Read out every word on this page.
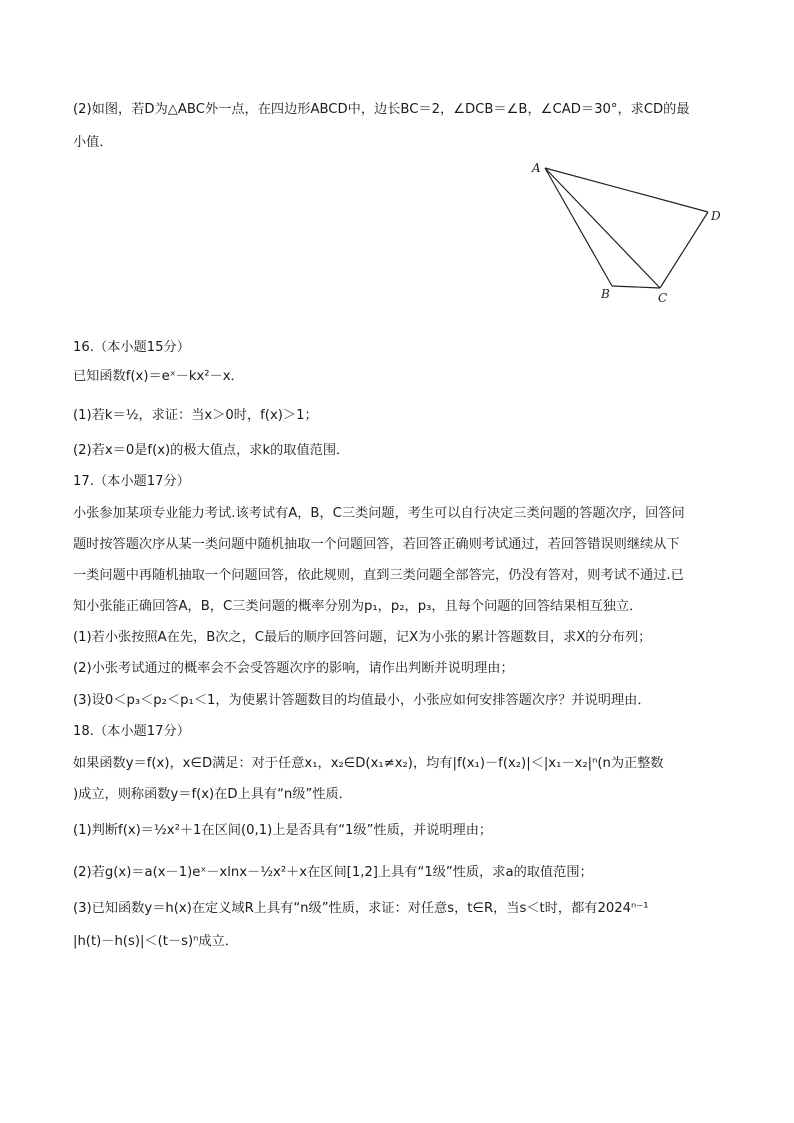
(2)如图，若D为△ABC外一点，在四边形ABCD中，边长BC＝2，∠DCB＝∠B，∠CAD＝30°，求CD的最
小值．
A
B	C
D
16.（本小题15分）
已知函数f(x)＝eˣ－kx²－x．
(1)若k＝½，求证：当x＞0时，f(x)＞1；
(2)若x＝0是f(x)的极大值点，求k的取值范围．
17.（本小题17分）
小张参加某项专业能力考试.该考试有A，B，C三类问题，考生可以自行决定三类问题的答题次序，回答问
题时按答题次序从某一类问题中随机抽取一个问题回答，若回答正确则考试通过，若回答错误则继续从下
一类问题中再随机抽取一个问题回答，依此规则，直到三类问题全部答完，仍没有答对，则考试不通过.已
知小张能正确回答A，B，C三类问题的概率分别为p₁，p₂，p₃，且每个问题的回答结果相互独立．
(1)若小张按照A在先，B次之，C最后的顺序回答问题，记X为小张的累计答题数目，求X的分布列；
(2)小张考试通过的概率会不会受答题次序的影响，请作出判断并说明理由；
(3)设0＜p₃＜p₂＜p₁＜1，为使累计答题数目的均值最小，小张应如何安排答题次序？并说明理由．
18.（本小题17分）
如果函数y＝f(x)，x∈D满足：对于任意x₁，x₂∈D(x₁≠x₂)，均有|f(x₁)－f(x₂)|＜|x₁－x₂|ⁿ(n为正整数
)成立，则称函数y＝f(x)在D上具有“n级”性质．
(1)判断f(x)＝½x²＋1在区间(0,1)上是否具有“1级”性质，并说明理由；
(2)若g(x)＝a(x－1)eˣ－xlnx－½x²＋x在区间[1,2]上具有“1级”性质，求a的取值范围；
(3)已知函数y＝h(x)在定义域R上具有“n级”性质，求证：对任意s，t∈R，当s＜t时，都有2024ⁿ⁻¹
|h(t)－h(s)|＜(t－s)ⁿ成立．
